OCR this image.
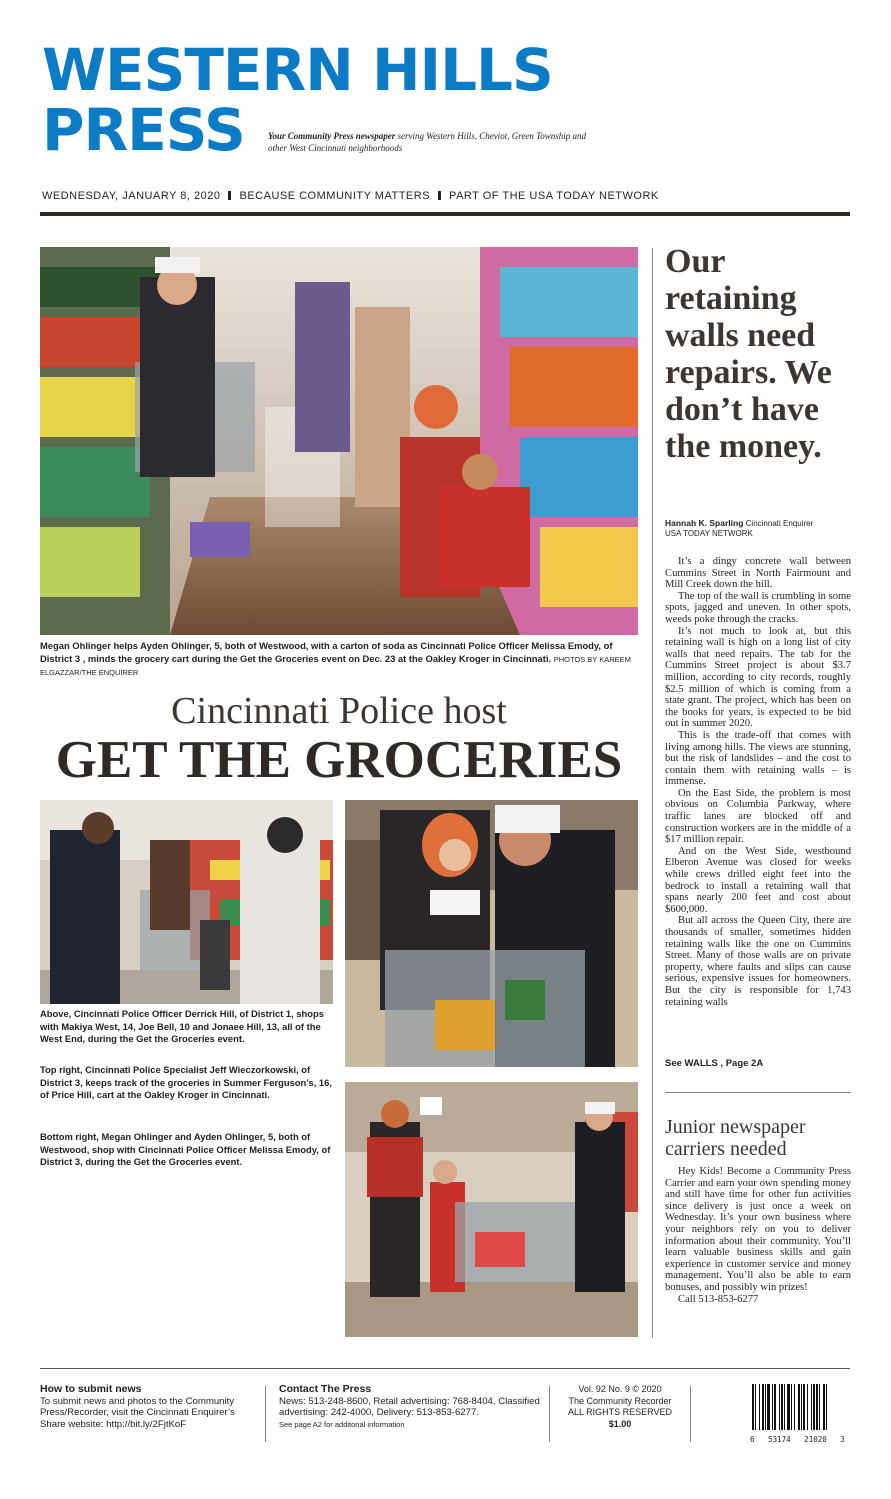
WESTERN HILLS
PRESS	Your Community Press newspaper serving Western Hills, Cheviot, Green Township and other West Cincinnati neighborhoods
WEDNESDAY, JANUARY 8, 2020 BECAUSE COMMUNITY MATTERS PART OF THE USA TODAY NETWORK
Megan Ohlinger helps Ayden Ohlinger, 5, both of Westwood, with a carton of soda as Cincinnati Police Officer Melissa Emody, of District 3 , minds the grocery cart during the Get the Groceries event on Dec. 23 at the Oakley Kroger in Cincinnati. PHOTOS BY KAREEM ELGAZZAR/THE ENQUIRER
Cincinnati Police host
GET THE GROCERIES
Above, Cincinnati Police Officer Derrick Hill, of District 1, shops with Makiya West, 14, Joe Bell, 10 and Jonaee Hill, 13, all of the West End, during the Get the Groceries event.
Top right, Cincinnati Police Specialist Jeff Wieczorkowski, of District 3, keeps track of the groceries in Summer Ferguson’s, 16, of Price Hill, cart at the Oakley Kroger in Cincinnati.
Bottom right, Megan Ohlinger and Ayden Ohlinger, 5, both of Westwood, shop with Cincinnati Police Officer Melissa Emody, of District 3, during the Get the Groceries event.
Our retaining walls need repairs. We don’t have the money.
Hannah K. Sparling Cincinnati Enquirer
USA TODAY NETWORK

It’s a dingy concrete wall between Cummins Street in North Fairmount and Mill Creek down the hill.

The top of the wall is crumbling in some spots, jagged and uneven. In other spots, weeds poke through the cracks.

It’s not much to look at, but this retaining wall is high on a long list of city walls that need repairs. The tab for the Cummins Street project is about $3.7 million, according to city records, roughly $2.5 million of which is coming from a state grant. The project, which has been on the books for years, is expected to be bid out in summer 2020.

This is the trade-off that comes with living among hills. The views are stunning, but the risk of landslides – and the cost to contain them with retaining walls – is immense.

On the East Side, the problem is most obvious on Columbia Parkway, where traffic lanes are blocked off and construction workers are in the middle of a $17 million repair.

And on the West Side, westbound Elberon Avenue was closed for weeks while crews drilled eight feet into the bedrock to install a retaining wall that spans nearly 200 feet and cost about $600,000.

But all across the Queen City, there are thousands of smaller, sometimes hidden retaining walls like the one on Cummins Street. Many of those walls are on private property, where faults and slips can cause serious, expensive issues for homeowners. But the city is responsible for 1,743 retaining walls

See WALLS , Page 2A
Junior newspaper carriers needed

Hey Kids! Become a Community Press Carrier and earn your own spending money and still have time for other fun activities since delivery is just once a week on Wednesday. It’s your own business where your neighbors rely on you to deliver information about their community. You’ll learn valuable business skills and gain experience in customer service and money management. You’ll also be able to earn bonuses, and possibly win prizes!

Call 513-853-6277

How to submit news
To submit news and photos to the Community Press/Recorder, visit the Cincinnati Enquirer’s Share website: http://bit.ly/2FjtKoF
Contact The Press
News: 513-248-8600, Retail advertising: 768-8404, Classified advertising: 242-4000, Delivery: 513-853-6277.
See page A2 for additonal information
Vol. 92 No. 9 © 2020
The Community Recorder
ALL RIGHTS RESERVED
$1.00
6   53174   21020   3
